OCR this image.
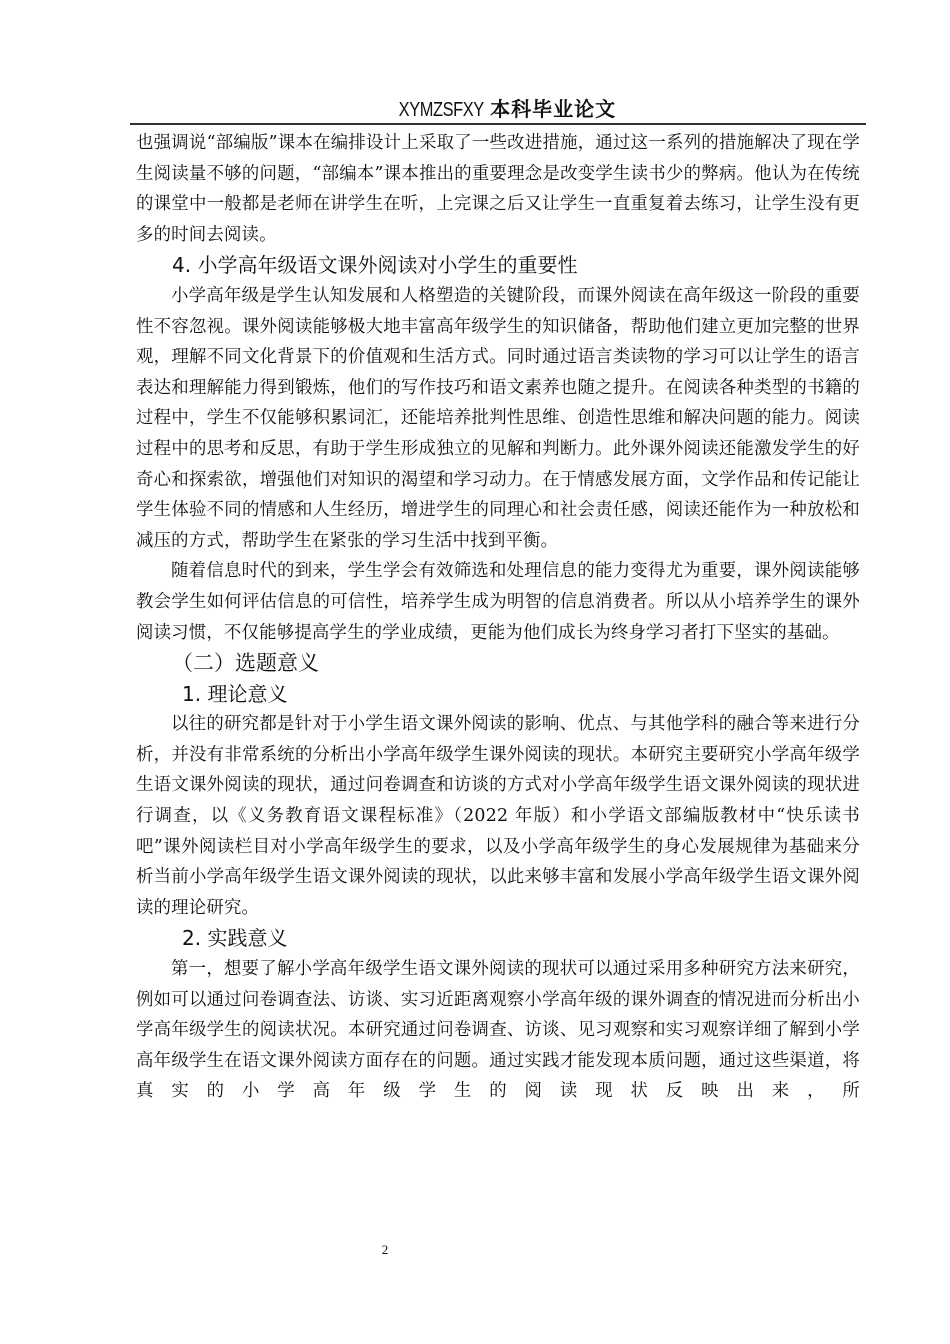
XYMZSFXY 本科毕业论文

也强调说“部编版”课本在编排设计上采取了一些改进措施，通过这一系列的措施解决了现在学生阅读量不够的问题，“部编本”课本推出的重要理念是改变学生读书少的弊病。他认为在传统的课堂中一般都是老师在讲学生在听，上完课之后又让学生一直重复着去练习，让学生没有更多的时间去阅读。

4. 小学高年级语文课外阅读对小学生的重要性

小学高年级是学生认知发展和人格塑造的关键阶段，而课外阅读在高年级这一阶段的重要性不容忽视。课外阅读能够极大地丰富高年级学生的知识储备，帮助他们建立更加完整的世界观，理解不同文化背景下的价值观和生活方式。同时通过语言类读物的学习可以让学生的语言表达和理解能力得到锻炼，他们的写作技巧和语文素养也随之提升。在阅读各种类型的书籍的过程中，学生不仅能够积累词汇，还能培养批判性思维、创造性思维和解决问题的能力。阅读过程中的思考和反思，有助于学生形成独立的见解和判断力。此外课外阅读还能激发学生的好奇心和探索欲，增强他们对知识的渴望和学习动力。在于情感发展方面，文学作品和传记能让学生体验不同的情感和人生经历，增进学生的同理心和社会责任感，阅读还能作为一种放松和减压的方式，帮助学生在紧张的学习生活中找到平衡。

随着信息时代的到来，学生学会有效筛选和处理信息的能力变得尤为重要，课外阅读能够教会学生如何评估信息的可信性，培养学生成为明智的信息消费者。所以从小培养学生的课外阅读习惯，不仅能够提高学生的学业成绩，更能为他们成长为终身学习者打下坚实的基础。

（二）选题意义
1. 理论意义

以往的研究都是针对于小学生语文课外阅读的影响、优点、与其他学科的融合等来进行分析，并没有非常系统的分析出小学高年级学生课外阅读的现状。本研究主要研究小学高年级学生语文课外阅读的现状，通过问卷调查和访谈的方式对小学高年级学生语文课外阅读的现状进行调查，以《义务教育语文课程标准》（2022 年版）和小学语文部编版教材中“快乐读书吧”课外阅读栏目对小学高年级学生的要求，以及小学高年级学生的身心发展规律为基础来分析当前小学高年级学生语文课外阅读的现状，以此来够丰富和发展小学高年级学生语文课外阅读的理论研究。

2. 实践意义

第一，想要了解小学高年级学生语文课外阅读的现状可以通过采用多种研究方法来研究，例如可以通过问卷调查法、访谈、实习近距离观察小学高年级的课外调查的情况进而分析出小学高年级学生的阅读状况。本研究通过问卷调查、访谈、见习观察和实习观察详细了解到小学高年级学生在语文课外阅读方面存在的问题。通过实践才能发现本质问题，通过这些渠道，将真实的小学高年级学生的阅读现状反映出来，所

2
